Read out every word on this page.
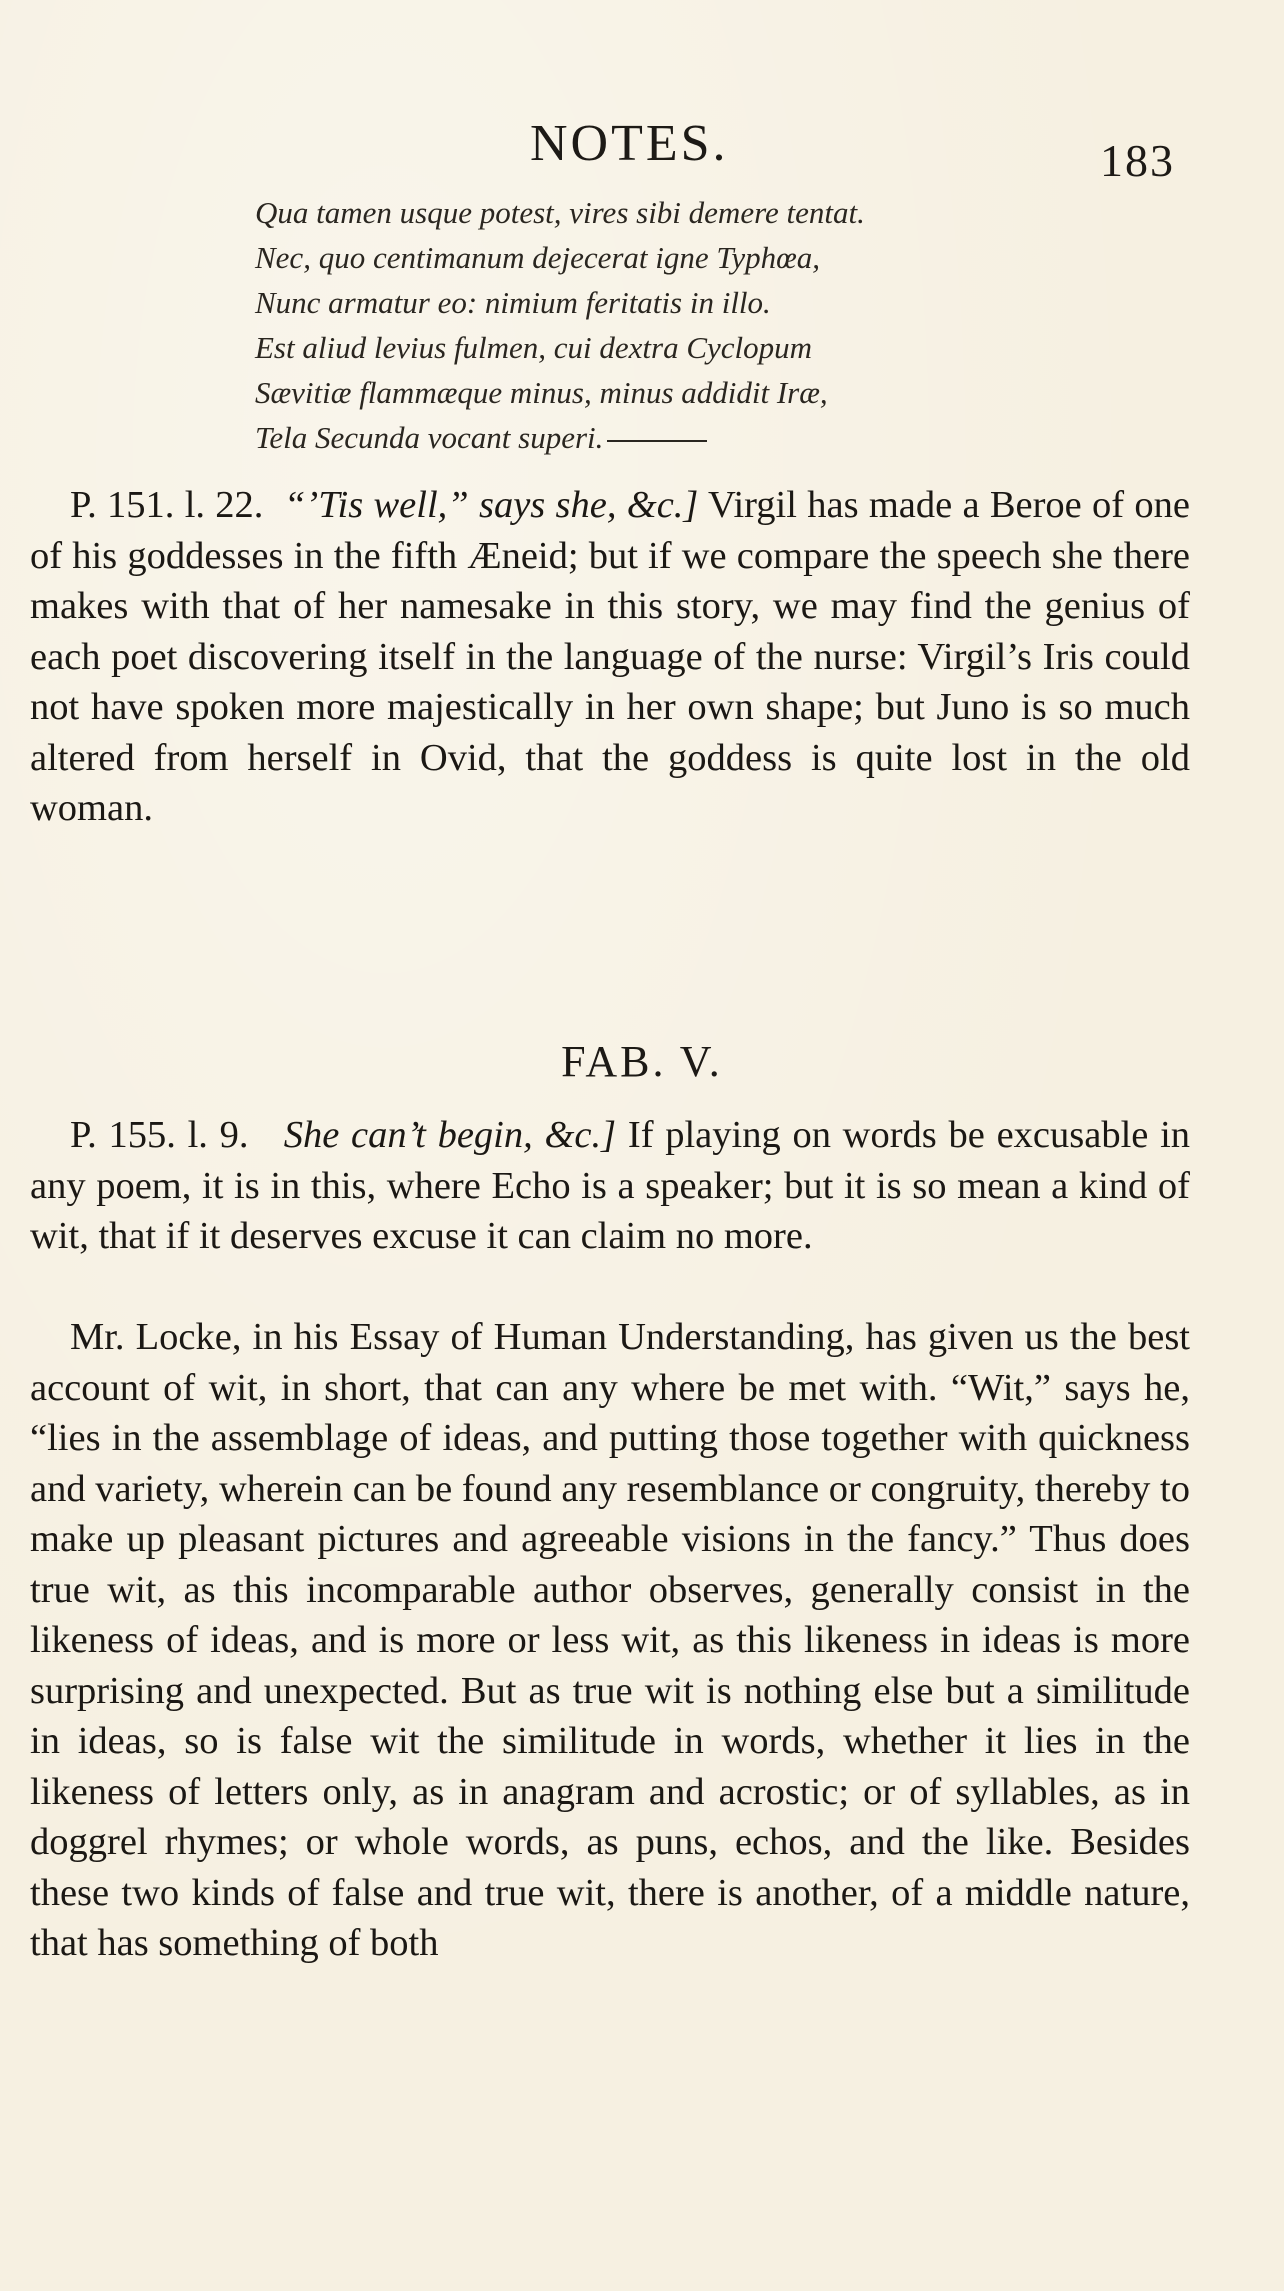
NOTES.	183
Qua tamen usque potest, vires sibi demere tentat.
Nec, quo centimanum dejecerat igne Typhœa,
Nunc armatur eo: nimium feritatis in illo.
Est aliud levius fulmen, cui dextra Cyclopum
Sævitiæ flammæque minus, minus addidit Iræ,
Tela Secunda vocant superi.
P. 151. l. 22. “’Tis well,” says she, &c.] Virgil has made a Beroe of one of his goddesses in the fifth Æneid; but if we compare the speech she there makes with that of her namesake in this story, we may find the genius of each poet discovering itself in the language of the nurse: Virgil’s Iris could not have spoken more majestically in her own shape; but Juno is so much altered from herself in Ovid, that the goddess is quite lost in the old woman.
FAB. V.
P. 155. l. 9. She can’t begin, &c.] If playing on words be excusable in any poem, it is in this, where Echo is a speaker; but it is so mean a kind of wit, that if it deserves excuse it can claim no more.
Mr. Locke, in his Essay of Human Understanding, has given us the best account of wit, in short, that can any where be met with. “Wit,” says he, “lies in the assemblage of ideas, and putting those together with quickness and variety, wherein can be found any resemblance or congruity, thereby to make up pleasant pictures and agreeable visions in the fancy.” Thus does true wit, as this incomparable author observes, generally consist in the likeness of ideas, and is more or less wit, as this likeness in ideas is more surprising and unexpected. But as true wit is nothing else but a similitude in ideas, so is false wit the similitude in words, whether it lies in the likeness of letters only, as in anagram and acrostic; or of syllables, as in doggrel rhymes; or whole words, as puns, echos, and the like. Besides these two kinds of false and true wit, there is another, of a middle nature, that has something of both
